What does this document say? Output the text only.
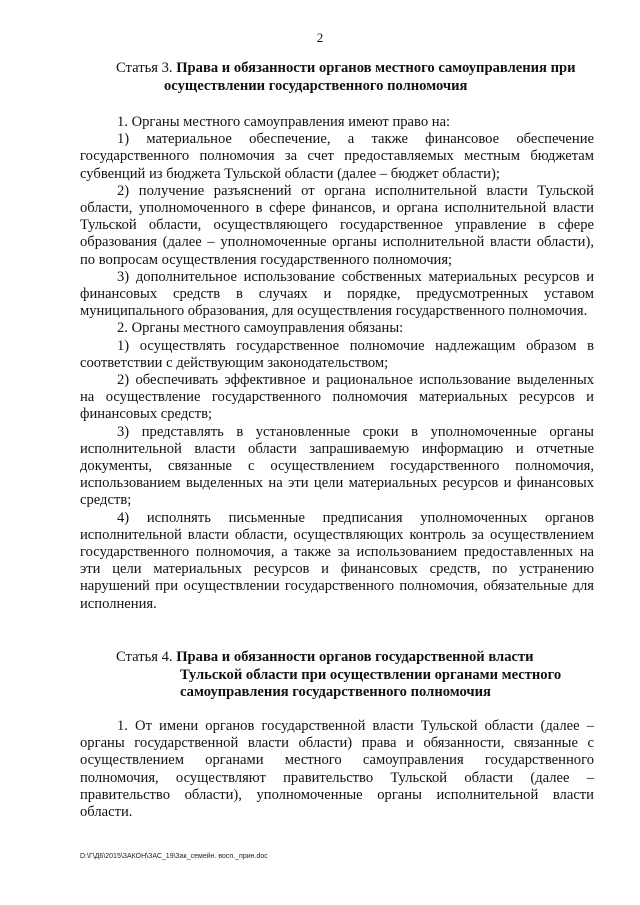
2
Статья 3. Права и обязанности органов местного самоуправления при
осуществлении государственного полномочия

1. Органы местного самоуправления имеют право на:

1) материальное обеспечение, а также финансовое обеспечение государственного полномочия за счет предоставляемых местным бюджетам субвенций из бюджета Тульской области (далее – бюджет области);

2) получение разъяснений от органа исполнительной власти Тульской области, уполномоченного в сфере финансов, и органа исполнительной власти Тульской области, осуществляющего государственное управление в сфере образования (далее – уполномоченные органы исполнительной власти области), по вопросам осуществления государственного полномочия;

3) дополнительное использование собственных материальных ресурсов и финансовых средств в случаях и порядке, предусмотренных уставом муниципального образования, для осуществления государственного полномочия.

2. Органы местного самоуправления обязаны:

1) осуществлять государственное полномочие надлежащим образом в соответствии с действующим законодательством;

2) обеспечивать эффективное и рациональное использование выделенных на осуществление государственного полномочия материальных ресурсов и финансовых средств;

3) представлять в установленные сроки в уполномоченные органы исполнительной власти области запрашиваемую информацию и отчетные документы, связанные с осуществлением государственного полномочия, использованием выделенных на эти цели материальных ресурсов и финансовых средств;

4) исполнять письменные предписания уполномоченных органов исполнительной власти области, осуществляющих контроль за осуществлением государственного полномочия, а также за использованием предоставленных на эти цели материальных ресурсов и финансовых средств, по устранению нарушений при осуществлении государственного полномочия, обязательные для исполнения.

Статья 4. Права и обязанности органов государственной власти
Тульской области при осуществлении органами местного
самоуправления государственного полномочия

1. От имени органов государственной власти Тульской области (далее – органы государственной власти области) права и обязанности, связанные с осуществлением органами местного самоуправления государственного полномочия, осуществляют правительство Тульской области (далее – правительство области), уполномоченные органы исполнительной власти области.

D:\Г\Д6\2015\ЗАКОН\ЗАС_19\Зак_семейн. восп._прин.doc
